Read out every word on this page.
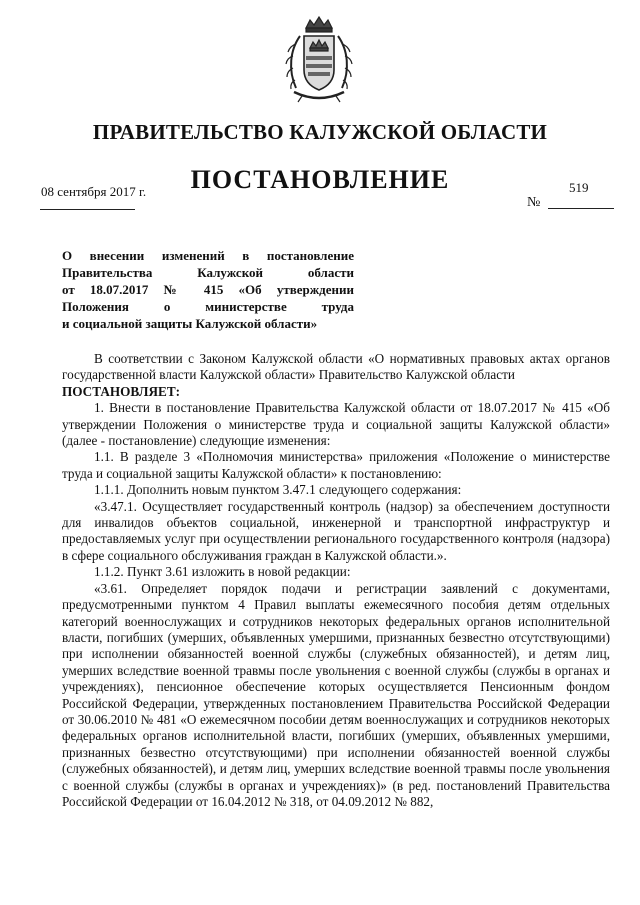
ПРАВИТЕЛЬСТВО КАЛУЖСКОЙ ОБЛАСТИ
ПОСТАНОВЛЕНИЕ
08 сентября 2017 г.	519
№
О внесении изменений в постановление
Правительства Калужской области
от 18.07.2017 № 415 «Об утверждении
Положения о министерстве труда
и социальной защиты Калужской области»

В соответствии с Законом Калужской области «О нормативных правовых актах органов государственной власти Калужской области» Правительство Калужской области

ПОСТАНОВЛЯЕТ:

1. Внести в постановление Правительства Калужской области от 18.07.2017 № 415 «Об утверждении Положения о министерстве труда и социальной защиты Калужской области» (далее - постановление) следующие изменения:

1.1. В разделе 3 «Полномочия министерства» приложения «Положение о министерстве труда и социальной защиты Калужской области» к постановлению:

1.1.1. Дополнить новым пунктом 3.47.1 следующего содержания:

«3.47.1. Осуществляет государственный контроль (надзор) за обеспечением доступности для инвалидов объектов социальной, инженерной и транспортной инфраструктур и предоставляемых услуг при осуществлении регионального государственного контроля (надзора) в сфере социального обслуживания граждан в Калужской области.».

1.1.2. Пункт 3.61 изложить в новой редакции:

«3.61. Определяет порядок подачи и регистрации заявлений с документами, предусмотренными пунктом 4 Правил выплаты ежемесячного пособия детям отдельных категорий военнослужащих и сотрудников некоторых федеральных органов исполнительной власти, погибших (умерших, объявленных умершими, признанных безвестно отсутствующими) при исполнении обязанностей военной службы (служебных обязанностей), и детям лиц, умерших вследствие военной травмы после увольнения с военной службы (службы в органах и учреждениях), пенсионное обеспечение которых осуществляется Пенсионным фондом Российской Федерации, утвержденных постановлением Правительства Российской Федерации от 30.06.2010 № 481 «О ежемесячном пособии детям военнослужащих и сотрудников некоторых федеральных органов исполнительной власти, погибших (умерших, объявленных умершими, признанных безвестно отсутствующими) при исполнении обязанностей военной службы (служебных обязанностей), и детям лиц, умерших вследствие военной травмы после увольнения с военной службы (службы в органах и учреждениях)» (в ред. постановлений Правительства Российской Федерации от 16.04.2012 № 318, от 04.09.2012 № 882,
